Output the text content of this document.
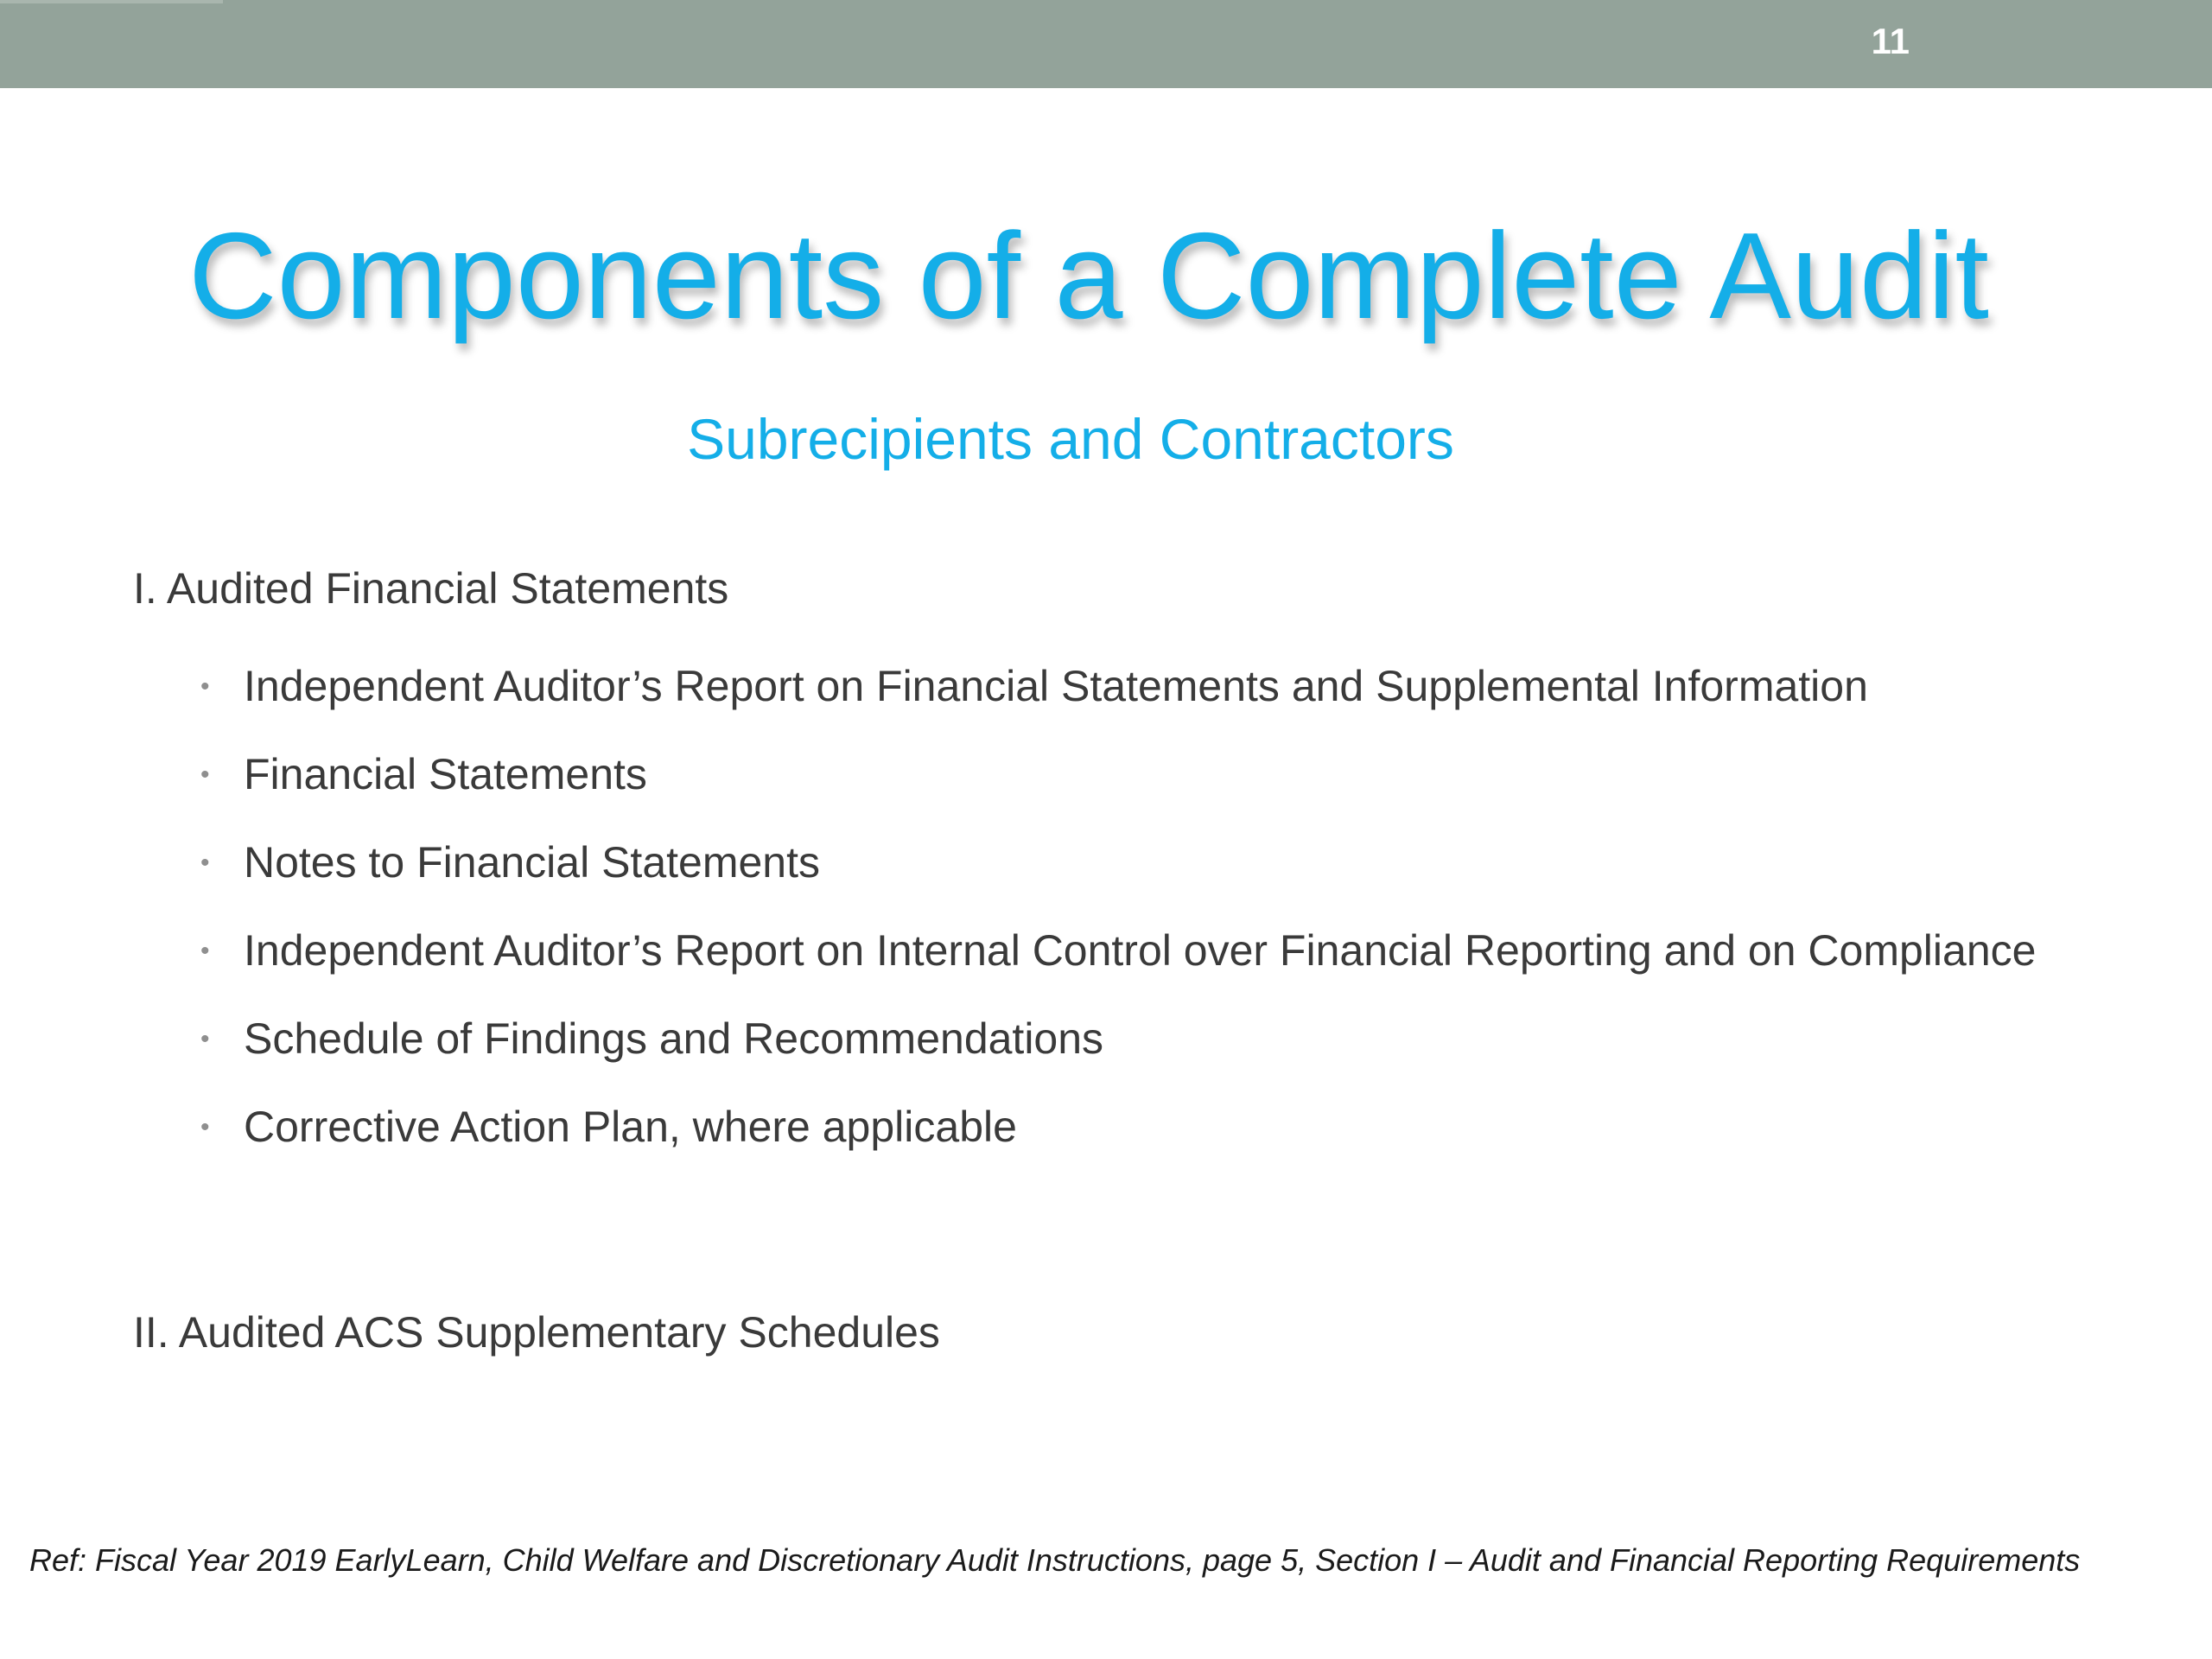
11
Components of a Complete Audit
Subrecipients and Contractors
I. Audited Financial Statements
• Independent Auditor’s Report on Financial Statements and Supplemental Information
• Financial Statements
• Notes to Financial Statements
• Independent Auditor’s Report on Internal Control over Financial Reporting and on Compliance
• Schedule of Findings and Recommendations
• Corrective Action Plan, where applicable
II. Audited ACS Supplementary Schedules
Ref: Fiscal Year 2019 EarlyLearn, Child Welfare and Discretionary Audit Instructions, page 5, Section I – Audit and Financial Reporting Requirements
